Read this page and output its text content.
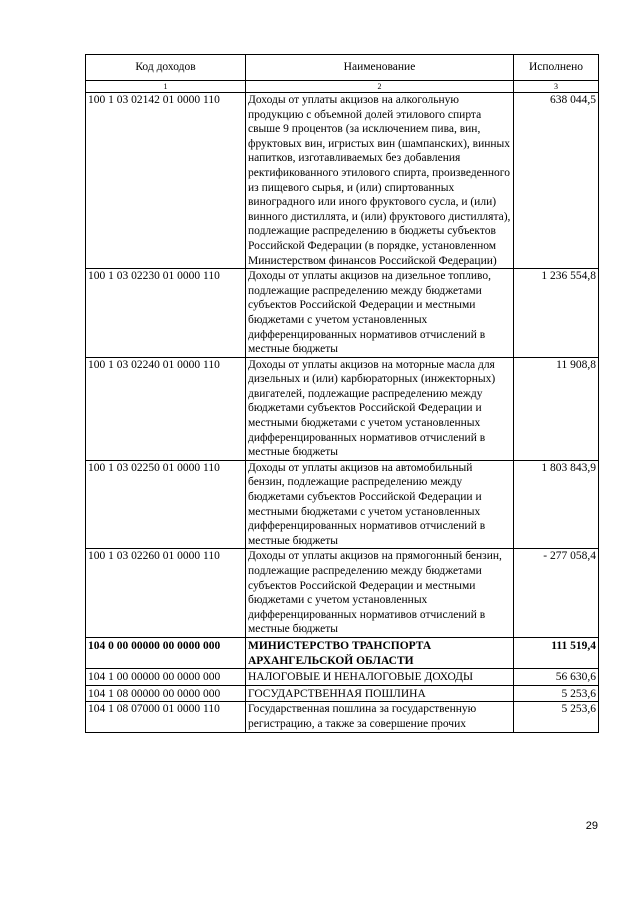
Код доходов	Наименование	Исполнено
1	2	3
100 1 03 02142 01 0000 110	Доходы от уплаты акцизов на алкогольную продукцию с объемной долей этилового спирта свыше 9 процентов (за исключением пива, вин, фруктовых вин, игристых вин (шампанских), винных напитков, изготавливаемых без добавления ректификованного этилового спирта, произведенного из пищевого сырья, и (или) спиртованных виноградного или иного фруктового сусла, и (или) винного дистиллята, и (или) фруктового дистиллята), подлежащие распределению в бюджеты субъектов Российской Федерации (в порядке, установленном Министерством финансов Российской Федерации)	638 044,5
100 1 03 02230 01 0000 110	Доходы от уплаты акцизов на дизельное топливо, подлежащие распределению между бюджетами субъектов Российской Федерации и местными бюджетами с учетом установленных дифференцированных нормативов отчислений в местные бюджеты	1 236 554,8
100 1 03 02240 01 0000 110	Доходы от уплаты акцизов на моторные масла для дизельных и (или) карбюраторных (инжекторных) двигателей, подлежащие распределению между бюджетами субъектов Российской Федерации и местными бюджетами с учетом установленных дифференцированных нормативов отчислений в местные бюджеты	11 908,8
100 1 03 02250 01 0000 110	Доходы от уплаты акцизов на автомобильный бензин, подлежащие распределению между бюджетами субъектов Российской Федерации и местными бюджетами с учетом установленных дифференцированных нормативов отчислений в местные бюджеты	1 803 843,9
100 1 03 02260 01 0000 110	Доходы от уплаты акцизов на прямогонный бензин, подлежащие распределению между бюджетами субъектов Российской Федерации и местными бюджетами с учетом установленных дифференцированных нормативов отчислений в местные бюджеты	- 277 058,4
104 0 00 00000 00 0000 000	МИНИСТЕРСТВО ТРАНСПОРТА АРХАНГЕЛЬСКОЙ ОБЛАСТИ	111 519,4
104 1 00 00000 00 0000 000	НАЛОГОВЫЕ И НЕНАЛОГОВЫЕ ДОХОДЫ	56 630,6
104 1 08 00000 00 0000 000	ГОСУДАРСТВЕННАЯ ПОШЛИНА	5 253,6
104 1 08 07000 01 0000 110	Государственная пошлина за государственную регистрацию, а также за совершение прочих	5 253,6
29
